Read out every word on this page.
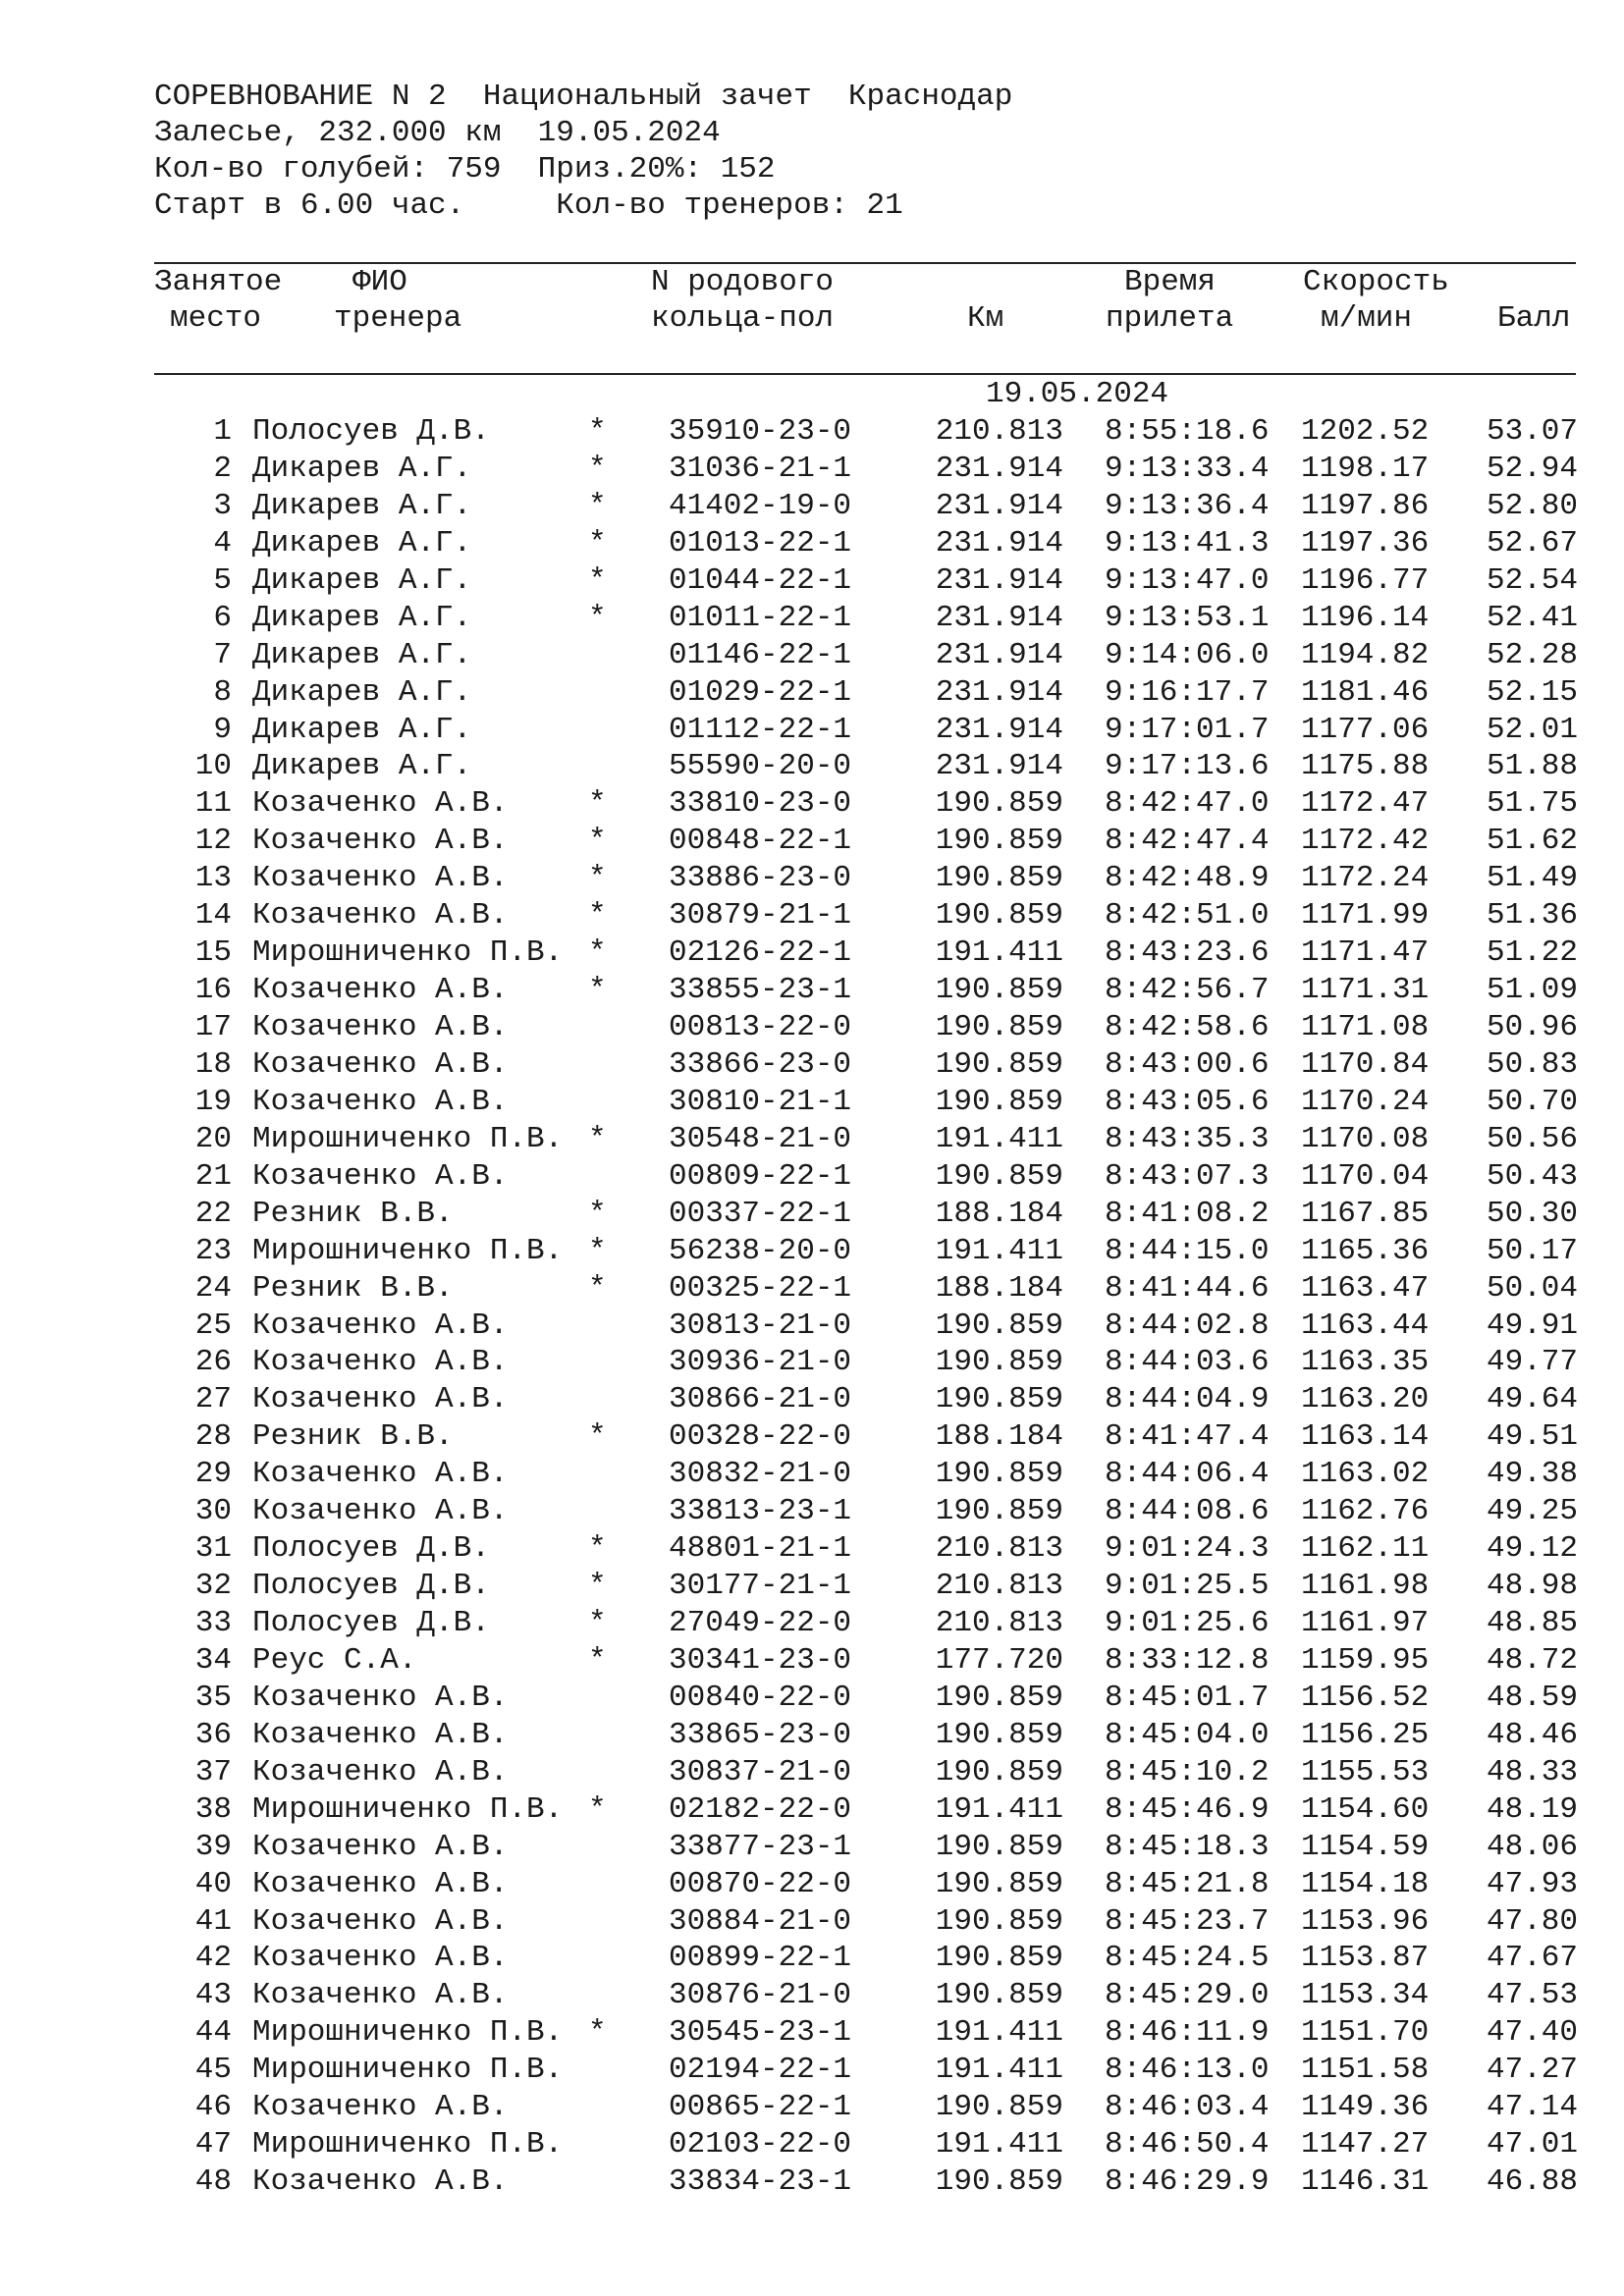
СОРЕВНОВАНИЕ N 2  Национальный зачет  Краснодар
Залесье, 232.000 км  19.05.2024
Кол-во голубей: 759  Приз.20%: 152
Старт в 6.00 час.     Кол-во тренеров: 21
Занятое
место
ФИО
тренера
N родового
кольца-пол	Км
Время
прилета
Скорость
м/мин	Балл
19.05.2024
1 Полосуев Д.В.	* 35910-23-0	210.813 8:55:18.6 1202.52 53.07
2 Дикарев А.Г.	* 31036-21-1	231.914 9:13:33.4 1198.17 52.94
3 Дикарев А.Г.	* 41402-19-0	231.914 9:13:36.4 1197.86 52.80
4 Дикарев А.Г.	* 01013-22-1	231.914 9:13:41.3 1197.36 52.67
5 Дикарев А.Г.	* 01044-22-1	231.914 9:13:47.0 1196.77 52.54
6 Дикарев А.Г.	* 01011-22-1	231.914 9:13:53.1 1196.14 52.41
7 Дикарев А.Г.	01146-22-1	231.914 9:14:06.0 1194.82 52.28
8 Дикарев А.Г.	01029-22-1	231.914 9:16:17.7 1181.46 52.15
9 Дикарев А.Г.	01112-22-1	231.914 9:17:01.7 1177.06 52.01
10 Дикарев А.Г.	55590-20-0	231.914 9:17:13.6 1175.88 51.88
11 Козаченко А.В.	* 33810-23-0	190.859 8:42:47.0 1172.47 51.75
12 Козаченко А.В.	* 00848-22-1	190.859 8:42:47.4 1172.42 51.62
13 Козаченко А.В.	* 33886-23-0	190.859 8:42:48.9 1172.24 51.49
14 Козаченко А.В.	* 30879-21-1	190.859 8:42:51.0 1171.99 51.36
15 Мирошниченко П.В. * 02126-22-1	191.411 8:43:23.6 1171.47 51.22
16 Козаченко А.В.	* 33855-23-1	190.859 8:42:56.7 1171.31 51.09
17 Козаченко А.В.	00813-22-0	190.859 8:42:58.6 1171.08 50.96
18 Козаченко А.В.	33866-23-0	190.859 8:43:00.6 1170.84 50.83
19 Козаченко А.В.	30810-21-1	190.859 8:43:05.6 1170.24 50.70
20 Мирошниченко П.В. * 30548-21-0	191.411 8:43:35.3 1170.08 50.56
21 Козаченко А.В.	00809-22-1	190.859 8:43:07.3 1170.04 50.43
22 Резник В.В.	* 00337-22-1	188.184 8:41:08.2 1167.85 50.30
23 Мирошниченко П.В. * 56238-20-0	191.411 8:44:15.0 1165.36 50.17
24 Резник В.В.	* 00325-22-1	188.184 8:41:44.6 1163.47 50.04
25 Козаченко А.В.	30813-21-0	190.859 8:44:02.8 1163.44 49.91
26 Козаченко А.В.	30936-21-0	190.859 8:44:03.6 1163.35 49.77
27 Козаченко А.В.	30866-21-0	190.859 8:44:04.9 1163.20 49.64
28 Резник В.В.	* 00328-22-0	188.184 8:41:47.4 1163.14 49.51
29 Козаченко А.В.	30832-21-0	190.859 8:44:06.4 1163.02 49.38
30 Козаченко А.В.	33813-23-1	190.859 8:44:08.6 1162.76 49.25
31 Полосуев Д.В.	* 48801-21-1	210.813 9:01:24.3 1162.11 49.12
32 Полосуев Д.В.	* 30177-21-1	210.813 9:01:25.5 1161.98 48.98
33 Полосуев Д.В.	* 27049-22-0	210.813 9:01:25.6 1161.97 48.85
34 Реус С.А.	* 30341-23-0	177.720 8:33:12.8 1159.95 48.72
35 Козаченко А.В.	00840-22-0	190.859 8:45:01.7 1156.52 48.59
36 Козаченко А.В.	33865-23-0	190.859 8:45:04.0 1156.25 48.46
37 Козаченко А.В.	30837-21-0	190.859 8:45:10.2 1155.53 48.33
38 Мирошниченко П.В. * 02182-22-0	191.411 8:45:46.9 1154.60 48.19
39 Козаченко А.В.	33877-23-1	190.859 8:45:18.3 1154.59 48.06
40 Козаченко А.В.	00870-22-0	190.859 8:45:21.8 1154.18 47.93
41 Козаченко А.В.	30884-21-0	190.859 8:45:23.7 1153.96 47.80
42 Козаченко А.В.	00899-22-1	190.859 8:45:24.5 1153.87 47.67
43 Козаченко А.В.	30876-21-0	190.859 8:45:29.0 1153.34 47.53
44 Мирошниченко П.В. * 30545-23-1	191.411 8:46:11.9 1151.70 47.40
45 Мирошниченко П.В.	02194-22-1	191.411 8:46:13.0 1151.58 47.27
46 Козаченко А.В.	00865-22-1	190.859 8:46:03.4 1149.36 47.14
47 Мирошниченко П.В.	02103-22-0	191.411 8:46:50.4 1147.27 47.01
48 Козаченко А.В.	33834-23-1	190.859 8:46:29.9 1146.31 46.88
